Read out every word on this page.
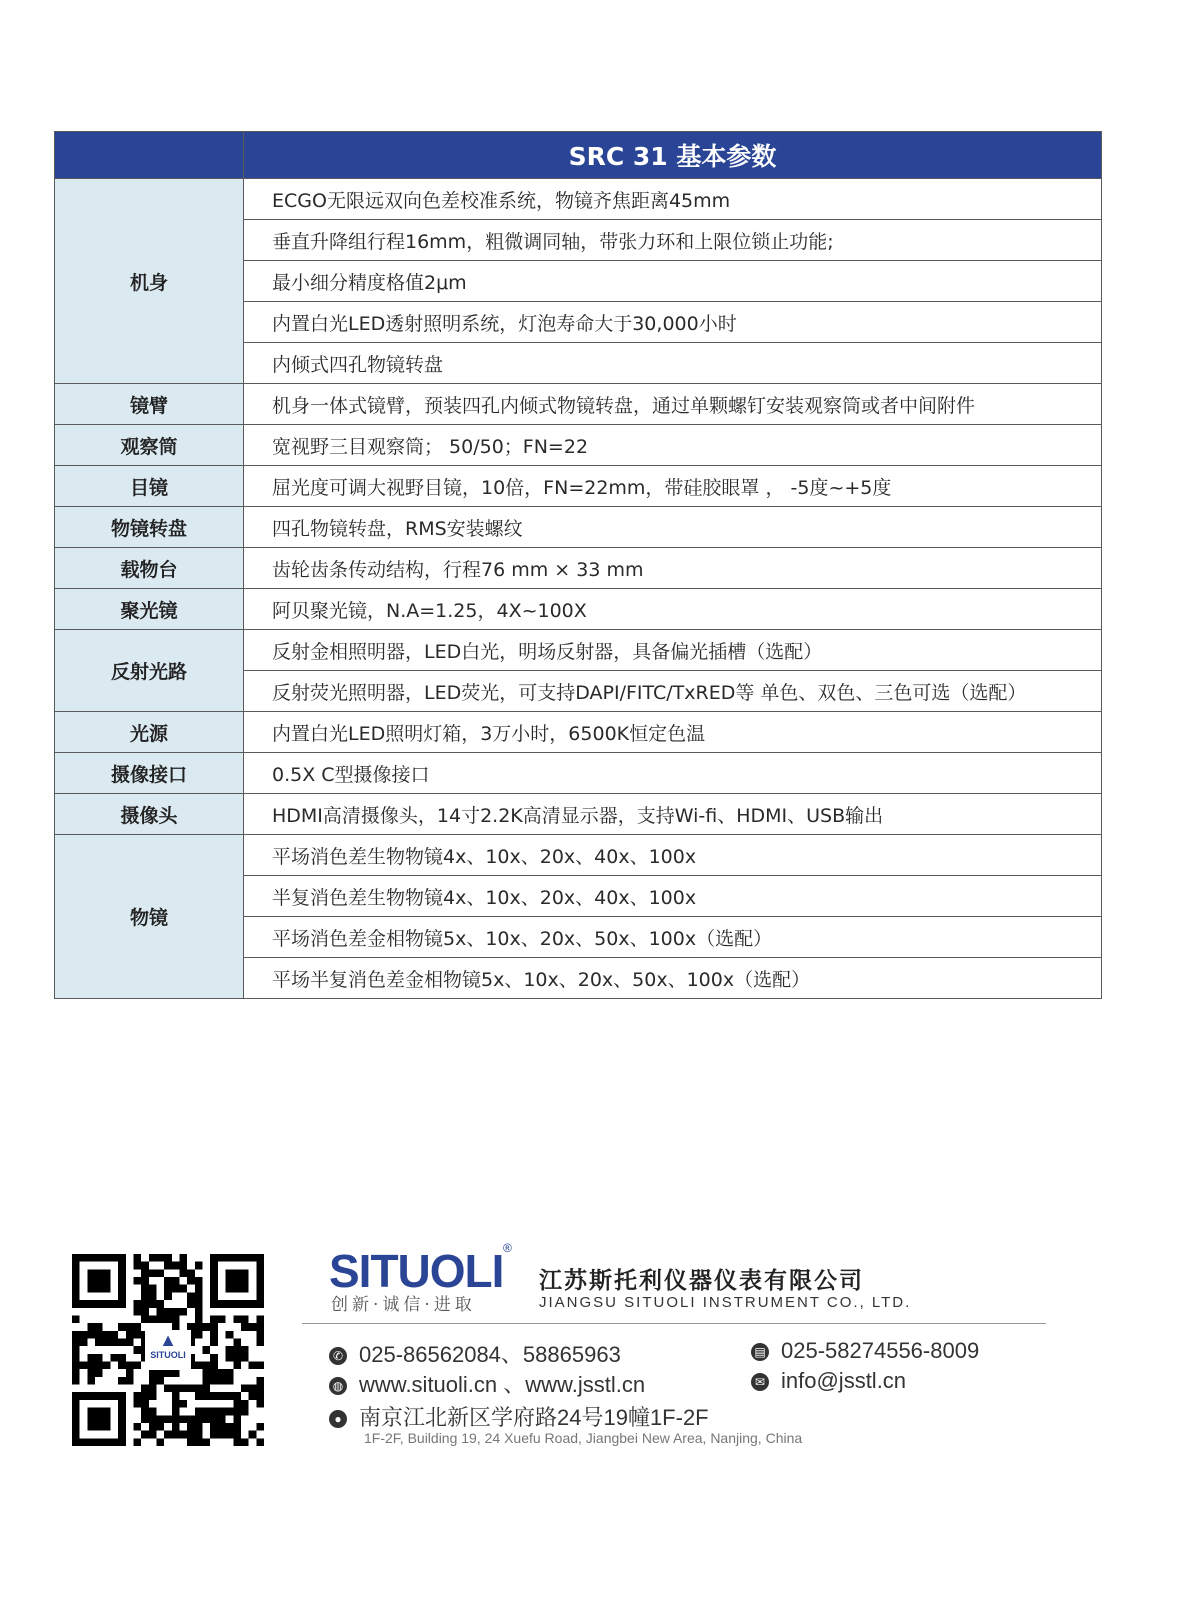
	SRC 31 基本参数
机身	ECGO无限远双向色差校准系统，物镜齐焦距离45mm
	垂直升降组行程16mm，粗微调同轴，带张力环和上限位锁止功能;
	最小细分精度格值2μm
	内置白光LED透射照明系统，灯泡寿命大于30,000小时
	内倾式四孔物镜转盘
镜臂	机身一体式镜臂，预装四孔内倾式物镜转盘，通过单颗螺钉安装观察筒或者中间附件
观察筒	宽视野三目观察筒； 50/50；FN=22
目镜	屈光度可调大视野目镜，10倍，FN=22mm，带硅胶眼罩 ， -5度~+5度
物镜转盘	四孔物镜转盘，RMS安装螺纹
载物台	齿轮齿条传动结构，行程76 mm × 33 mm
聚光镜	阿贝聚光镜，N.A=1.25，4X~100X
反射光路	反射金相照明器，LED白光，明场反射器，具备偏光插槽（选配）
	反射荧光照明器，LED荧光，可支持DAPI/FITC/TxRED等 单色、双色、三色可选（选配）
光源	内置白光LED照明灯箱，3万小时，6500K恒定色温
摄像接口	0.5X C型摄像接口
摄像头	HDMI高清摄像头，14寸2.2K高清显示器，支持Wi-fi、HDMI、USB输出
物镜	平场消色差生物物镜4x、10x、20x、40x、100x
	半复消色差生物物镜4x、10x、20x、40x、100x
	平场消色差金相物镜5x、10x、20x、50x、100x（选配）
	平场半复消色差金相物镜5x、10x、20x、50x、100x（选配）
▲
SITUOLI
SITUOLI ®
创新·诚信·进取
江苏斯托利仪器仪表有限公司
JIANGSU SITUOLI INSTRUMENT CO., LTD.
✆ 025-86562084、58865963	▤ 025-58274556-8009
◍ www.situoli.cn 、www.jsstl.cn	✉ info@jsstl.cn
● 南京江北新区学府路24号19幢1F-2F
1F-2F, Building 19, 24 Xuefu Road, Jiangbei New Area, Nanjing, China
